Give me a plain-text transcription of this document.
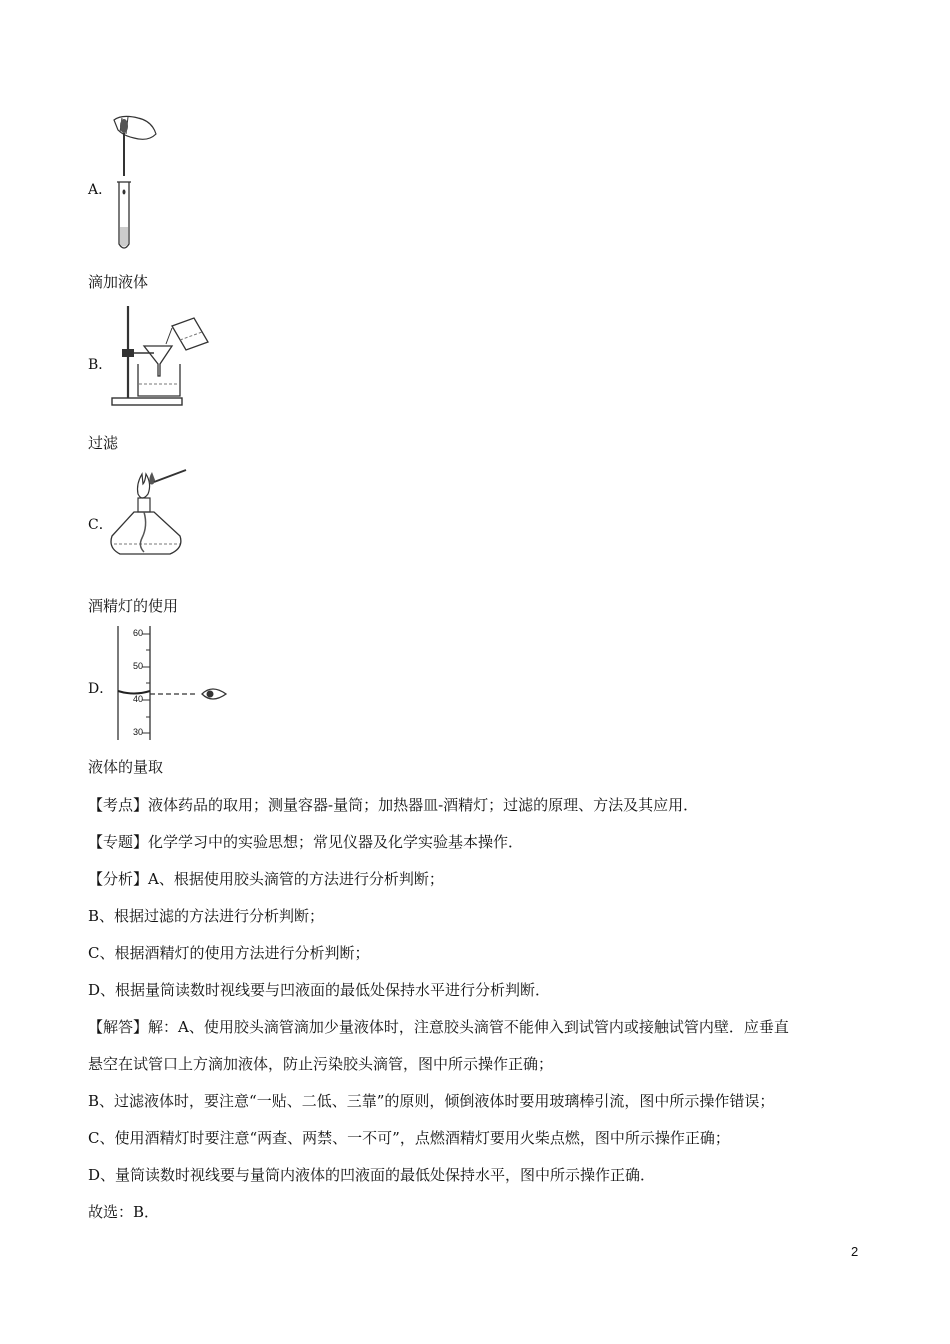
A．
滴加液体
B．
过滤
C．
酒精灯的使用
D．
60
50
40
30
液体的量取
【考点】液体药品的取用；测量容器-量筒；加热器皿-酒精灯；过滤的原理、方法及其应用．
【专题】化学学习中的实验思想；常见仪器及化学实验基本操作．
【分析】A、根据使用胶头滴管的方法进行分析判断；
B、根据过滤的方法进行分析判断；
C、根据酒精灯的使用方法进行分析判断；
D、根据量筒读数时视线要与凹液面的最低处保持水平进行分析判断．
【解答】解：A、使用胶头滴管滴加少量液体时，注意胶头滴管不能伸入到试管内或接触试管内壁．应垂直
悬空在试管口上方滴加液体，防止污染胶头滴管，图中所示操作正确；
B、过滤液体时，要注意“一贴、二低、三靠”的原则，倾倒液体时要用玻璃棒引流，图中所示操作错误；
C、使用酒精灯时要注意“两查、两禁、一不可”，点燃酒精灯要用火柴点燃，图中所示操作正确；
D、量筒读数时视线要与量筒内液体的凹液面的最低处保持水平，图中所示操作正确．
故选：B．
2
